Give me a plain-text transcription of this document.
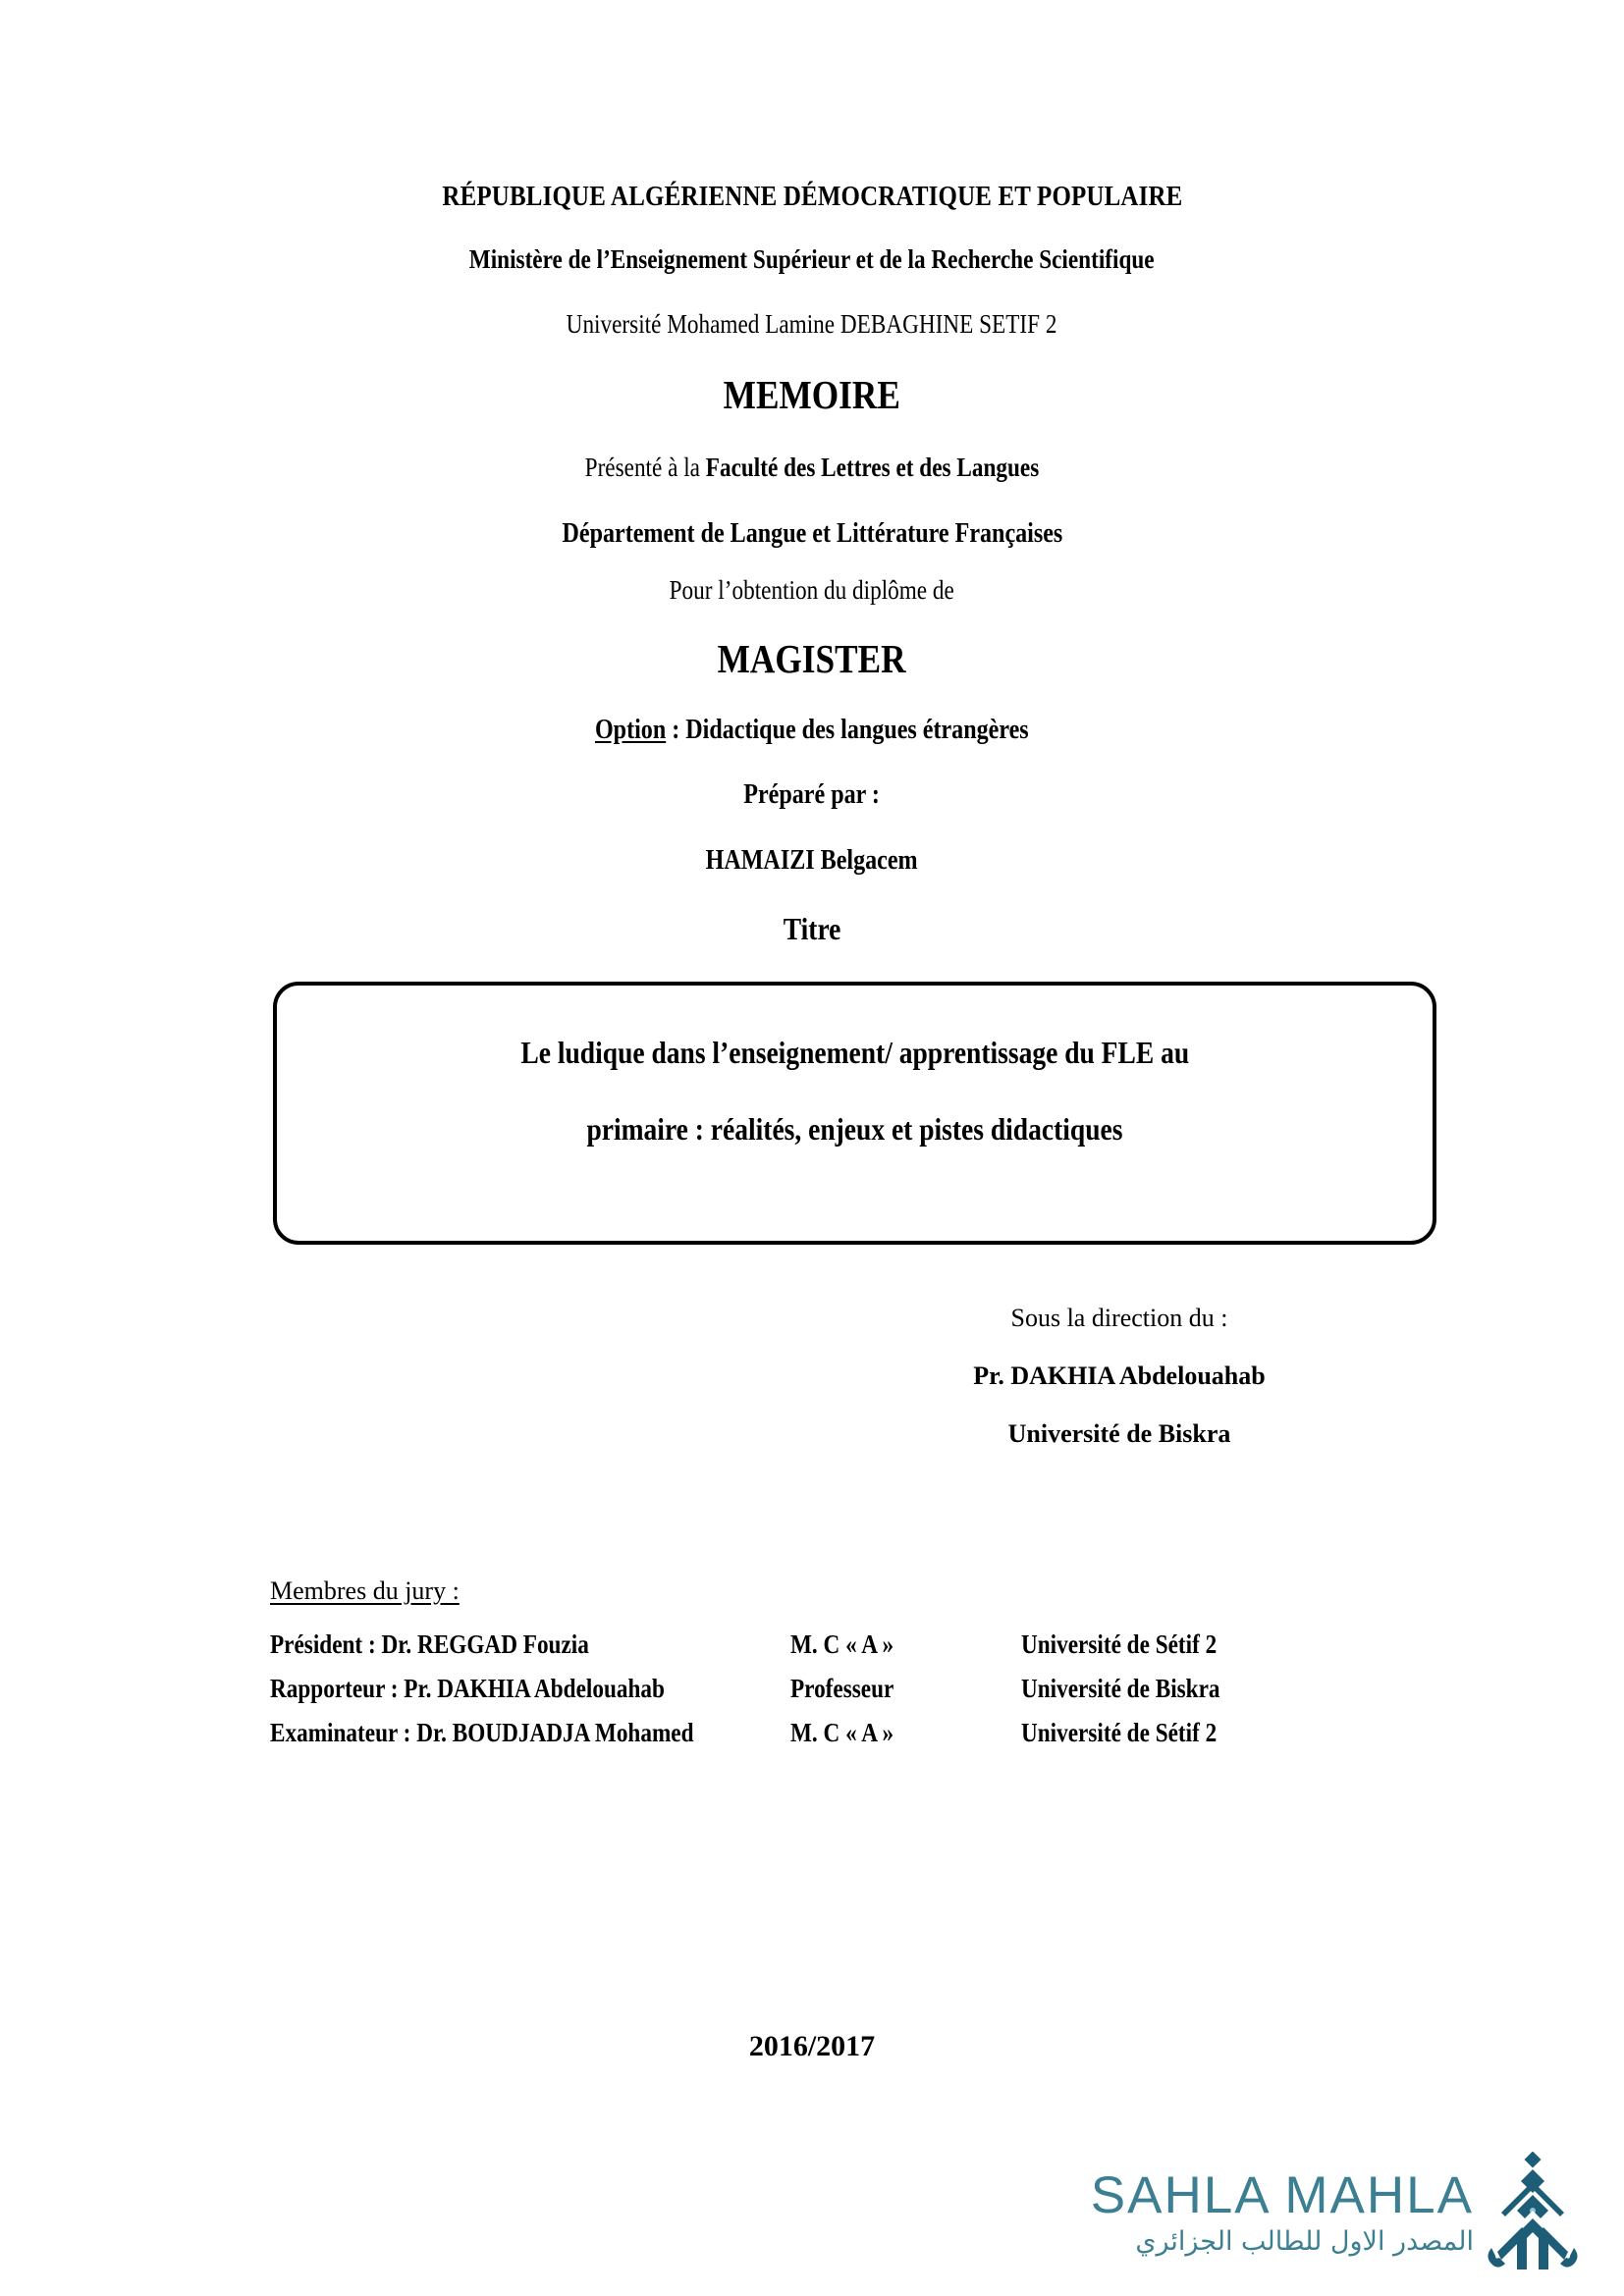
RÉPUBLIQUE ALGÉRIENNE DÉMOCRATIQUE ET POPULAIRE
Ministère de l’Enseignement Supérieur et de la Recherche Scientifique
Université Mohamed Lamine DEBAGHINE SETIF 2
MEMOIRE
Présenté à la Faculté des Lettres et des Langues
Département de Langue et Littérature Françaises
Pour l’obtention du diplôme de
MAGISTER
Option : Didactique des langues étrangères
Préparé par :
HAMAIZI Belgacem
Titre
Le ludique dans l’enseignement/ apprentissage du FLE au
primaire : réalités, enjeux et pistes didactiques
Sous la direction du :
Pr. DAKHIA Abdelouahab
Université de Biskra
Membres du jury :
Président : Dr. REGGAD Fouzia	M. C « A »	Université de Sétif 2
Rapporteur : Pr. DAKHIA Abdelouahab	Professeur	Université de Biskra
Examinateur : Dr. BOUDJADJA Mohamed	M. C « A »	Université de Sétif 2
2016/2017
SAHLA MAHLA
المصدر الاول للطالب الجزائري
